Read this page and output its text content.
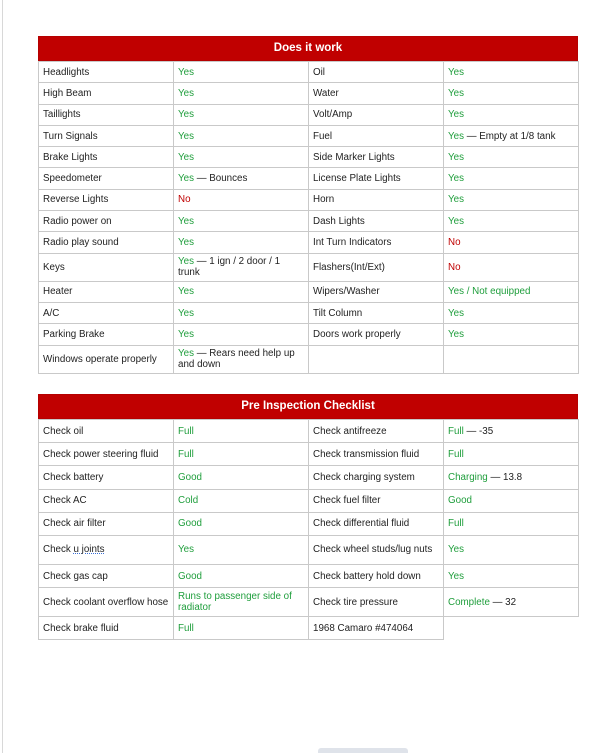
Does it work
Headlights	Yes	Oil	Yes
High Beam	Yes	Water	Yes
Taillights	Yes	Volt/Amp	Yes
Turn Signals	Yes	Fuel	Yes — Empty at 1/8 tank
Brake Lights	Yes	Side Marker Lights	Yes
Speedometer	Yes — Bounces	License Plate Lights	Yes
Reverse Lights	No	Horn	Yes
Radio power on	Yes	Dash Lights	Yes
Radio play sound	Yes	Int Turn Indicators	No
Keys	Yes — 1 ign / 2 door / 1 trunk	Flashers(Int/Ext)	No
Heater	Yes	Wipers/Washer	Yes / Not equipped
A/C	Yes	Tilt Column	Yes
Parking Brake	Yes	Doors work properly	Yes
Windows operate properly	Yes — Rears need help up and down		
Pre Inspection Checklist
Check oil	Full	Check antifreeze	Full — -35
Check power steering fluid	Full	Check transmission fluid	Full
Check battery	Good	Check charging system	Charging — 13.8
Check AC	Cold	Check fuel filter	Good
Check air filter	Good	Check differential fluid	Full
Check u joints	Yes	Check wheel studs/lug nuts	Yes
Check gas cap	Good	Check battery hold down	Yes
Check coolant overflow hose	Runs to passenger side of radiator	Check tire pressure	Complete — 32
Check brake fluid	Full	1968 Camaro #474064	
